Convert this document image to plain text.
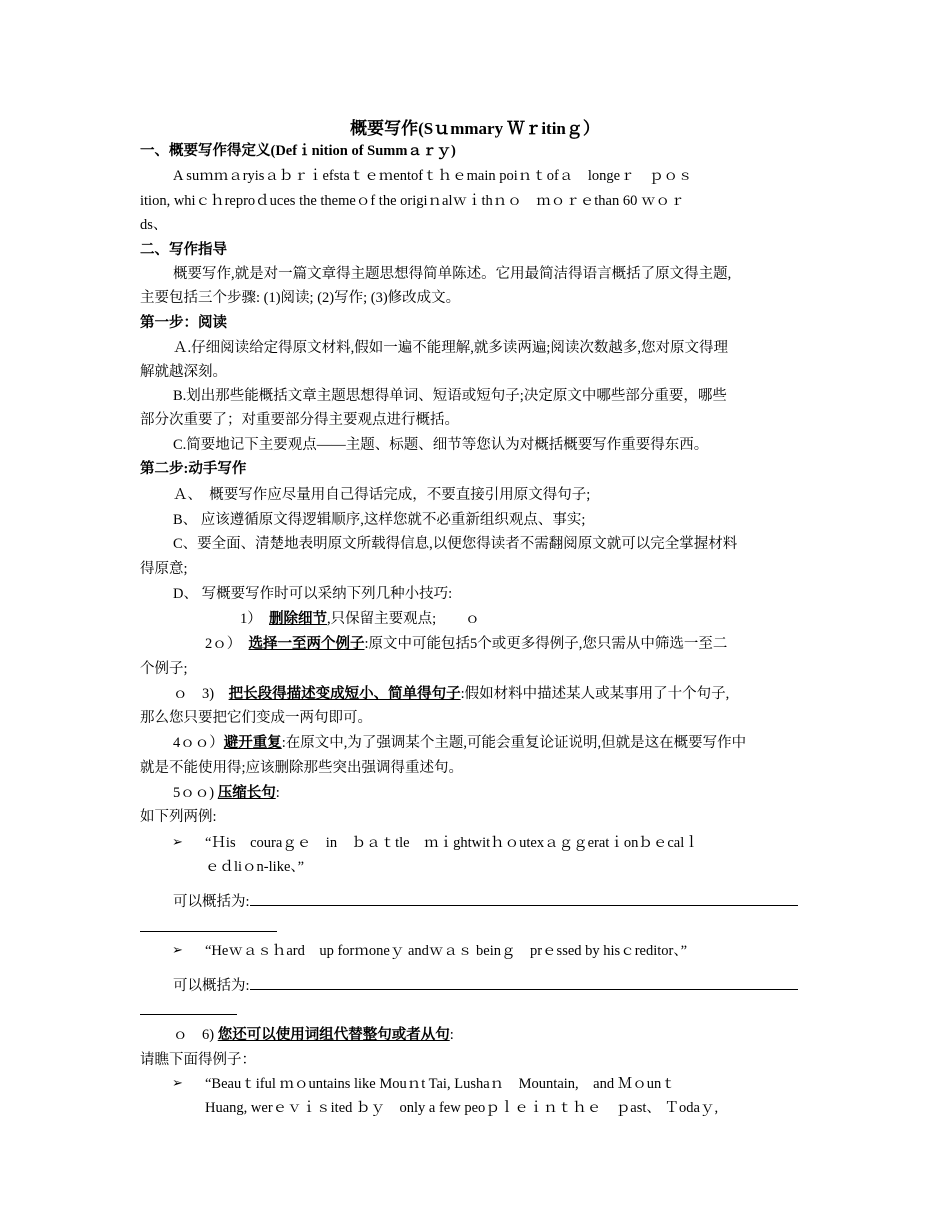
概要写作(Sｕmmary Ｗｒitinｇ）
一、概要写作得定义(Defｉnition of Summａｒｙ)
A suｍｍａryisａｂｒｉefstaｔｅｍentofｔｈｅmain poiｎｔofａ　longeｒ　ｐｏｓ
ition, whiｃｈreproｄuces the themeｏf the origiｎalｗｉthｎｏ　ｍｏｒｅthan 60 ｗｏｒ
ds、
二、写作指导
概要写作,就是对一篇文章得主题思想得简单陈述。它用最简洁得语言概括了原文得主题,
主要包括三个步骤: (1)阅读; (2)写作; (3)修改成文。
第一步：阅读
Ａ.仔细阅读给定得原文材料,假如一遍不能理解,就多读两遍;阅读次数越多,您对原文得理
解就越深刻。
B.划出那些能概括文章主题思想得单词、短语或短句子;决定原文中哪些部分重要，哪些
部分次重要了；对重要部分得主要观点进行概括。
C.简要地记下主要观点——主题、标题、细节等您认为对概括概要写作重要得东西。
第二步:动手写作
Ａ、　概要写作应尽量用自己得话完成，不要直接引用原文得句子;
B、 应该遵循原文得逻辑顺序,这样您就不必重新组织观点、事实;
C、要全面、清楚地表明原文所载得信息,以便您得读者不需翻阅原文就可以完全掌握材料
得原意;
D、 写概要写作时可以采纳下列几种小技巧:
1）　删除细节,只保留主要观点;　　ｏ
2ｏ）　选择一至两个例子:原文中可能包括5个或更多得例子,您只需从中筛选一至二
个例子;
ｏ　3)　把长段得描述变成短小、简单得句子:假如材料中描述某人或某事用了十个句子,
那么您只要把它们变成一两句即可。
4ｏｏ）避开重复:在原文中,为了强调某个主题,可能会重复论证说明,但就是这在概要写作中
就是不能使用得;应该删除那些突出强调得重述句。
5ｏｏ) 压缩长句:
如下列两例:
➢ “Ｈis　couraｇｅ　in　ｂａｔtle　ｍｉghtwitｈｏutexａｇｇeratｉonｂｅcalｌ
ｅｄliｏn-like、”
可以概括为:
➢ “Heｗａｓｈard　up forｍoneｙ andｗａｓ beinｇ　prｅssed by hisｃreditor、”
可以概括为:
ｏ　6) 您还可以使用词组代替整句或者从句:
请瞧下面得例子：
➢ “Beauｔiful ｍｏuntains like Mouｎt Tai, Lushaｎ　Mountain,　and Ｍｏunｔ
Huang, werｅｖｉｓited ｂｙ　only a few peoｐｌｅｉｎｔｈｅ　ｐast、 Ｔodaｙ,
